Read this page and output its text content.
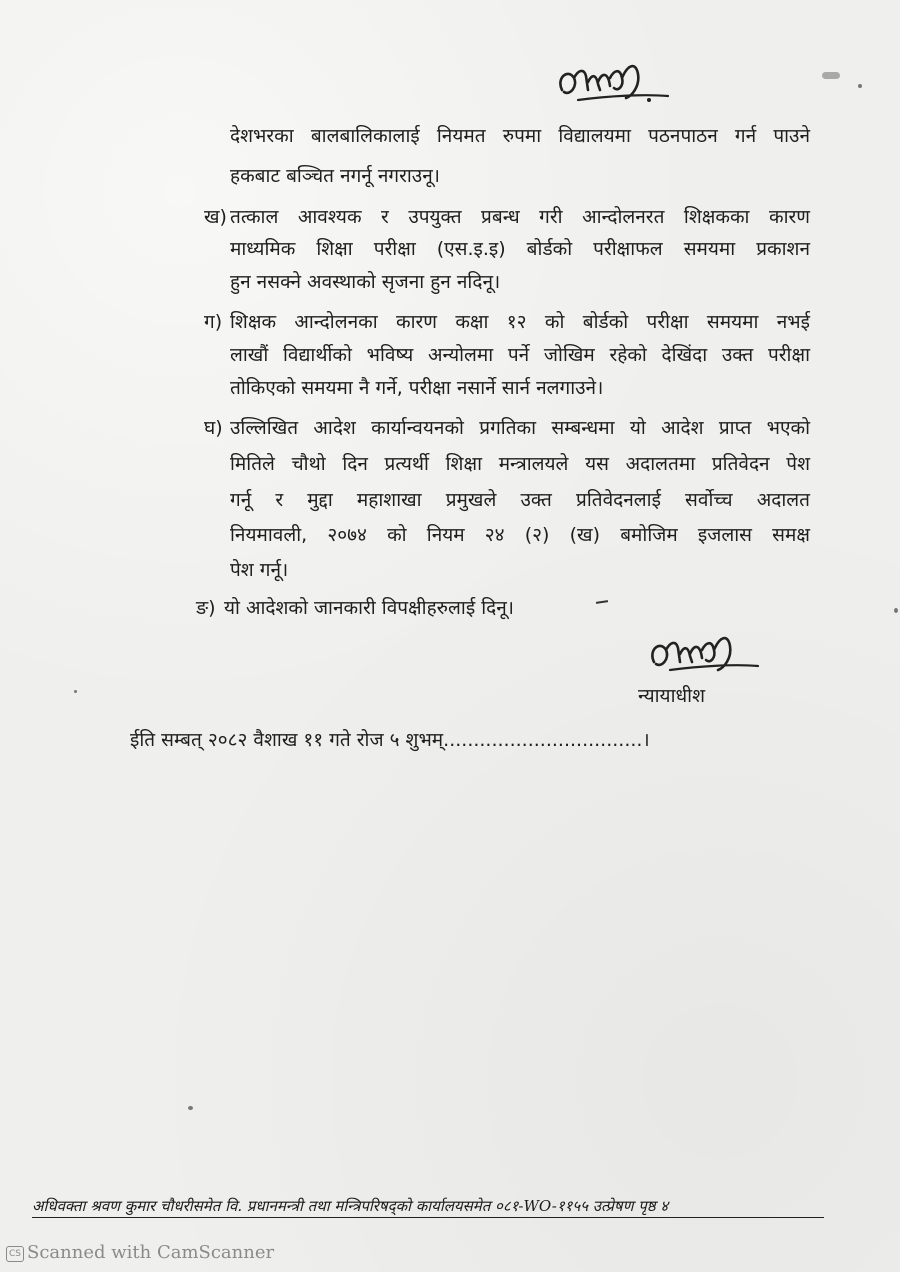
देशभरका बालबालिकालाई नियमत रुपमा विद्यालयमा पठनपाठन गर्न पाउने
हकबाट बञ्चित नगर्नू नगराउनू।
ख) तत्काल आवश्यक र उपयुक्त प्रबन्ध गरी आन्दोलनरत शिक्षकका कारण
माध्यमिक शिक्षा परीक्षा (एस.इ.इ) बोर्डको परीक्षाफल समयमा प्रकाशन
हुन नसक्ने अवस्थाको सृजना हुन नदिनू।
ग) शिक्षक आन्दोलनका कारण कक्षा १२ को बोर्डको परीक्षा समयमा नभई
लाखौं विद्यार्थीको भविष्य अन्योलमा पर्ने जोखिम रहेको देखिंदा उक्त परीक्षा
तोकिएको समयमा नै गर्ने, परीक्षा नसार्ने सार्न नलगाउने।
घ) उल्लिखित आदेश कार्यान्वयनको प्रगतिका सम्बन्धमा यो आदेश प्राप्त भएको
मितिले चौथो दिन प्रत्यर्थी शिक्षा मन्त्रालयले यस अदालतमा प्रतिवेदन पेश
गर्नू र मुद्दा महाशाखा प्रमुखले उक्त प्रतिवेदनलाई सर्वोच्च अदालत
नियमावली, २०७४ को नियम २४ (२) (ख) बमोजिम इजलास समक्ष
पेश गर्नू।
ङ) यो आदेशको जानकारी विपक्षीहरुलाई दिनू।
न्यायाधीश
ईति सम्बत् २०८२ वैशाख ११ गते रोज ५ शुभम्.................................।
अधिवक्ता श्रवण कुमार चौधरीसमेत वि. प्रधानमन्त्री तथा मन्त्रिपरिषद्को कार्यालयसमेत ०८१-WO-११५५ उत्प्रेषण पृष्ठ ४
CS Scanned with CamScanner
